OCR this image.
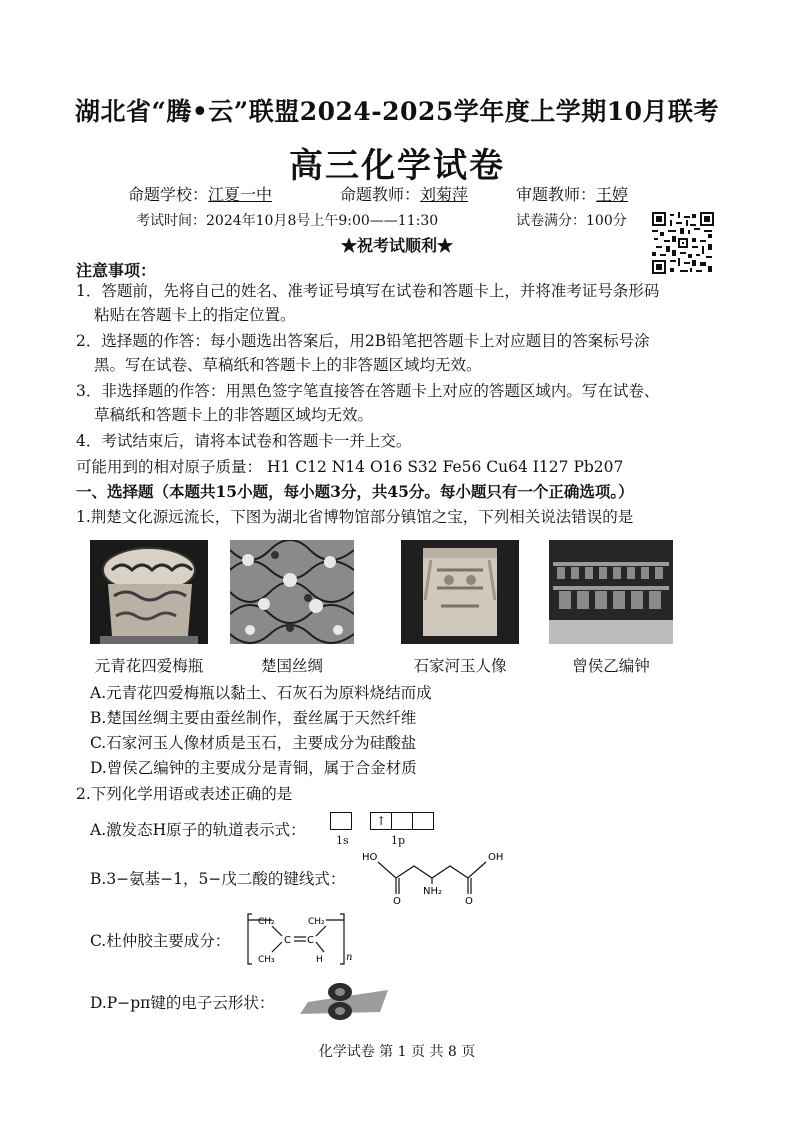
湖北省“腾•云”联盟2024-2025学年度上学期10月联考
高三化学试卷
命题学校：江夏一中	命题教师：刘菊萍	审题教师：王婷
考试时间：2024年10月8号上午9:00——11:30	试卷满分：100分
★祝考试顺利★
注意事项：
1．答题前，先将自己的姓名、准考证号填写在试卷和答题卡上，并将准考证号条形码
粘贴在答题卡上的指定位置。
2．选择题的作答：每小题选出答案后，用2B铅笔把答题卡上对应题目的答案标号涂
黑。写在试卷、草稿纸和答题卡上的非答题区域均无效。
3．非选择题的作答：用黑色签字笔直接答在答题卡上对应的答题区域内。写在试卷、
草稿纸和答题卡上的非答题区域均无效。
4．考试结束后，请将本试卷和答题卡一并上交。
可能用到的相对原子质量： H1 C12 N14 O16 S32 Fe56 Cu64 I127 Pb207
一、选择题（本题共15小题，每小题3分，共45分。每小题只有一个正确选项。）
1.荆楚文化源远流长，下图为湖北省博物馆部分镇馆之宝，下列相关说法错误的是
元青花四爱梅瓶	楚国丝绸	石家河玉人像	曾侯乙编钟
A.元青花四爱梅瓶以黏土、石灰石为原料烧结而成
B.楚国丝绸主要由蚕丝制作，蚕丝属于天然纤维
C.石家河玉人像材质是玉石，主要成分为硅酸盐
D.曾侯乙编钟的主要成分是青铜，属于合金材质
2.下列化学用语或表述正确的是
A.激发态H原子的轨道表示式：
↑
1s	1p
B.3−氨基−1，5−戊二酸的键线式：
HO	OH
O	O
NH₂
C.杜仲胶主要成分：
CH₂	CH₂
CH₃
C C
H n
D.P−pπ键的电子云形状：
化学试卷 第 1 页 共 8 页
